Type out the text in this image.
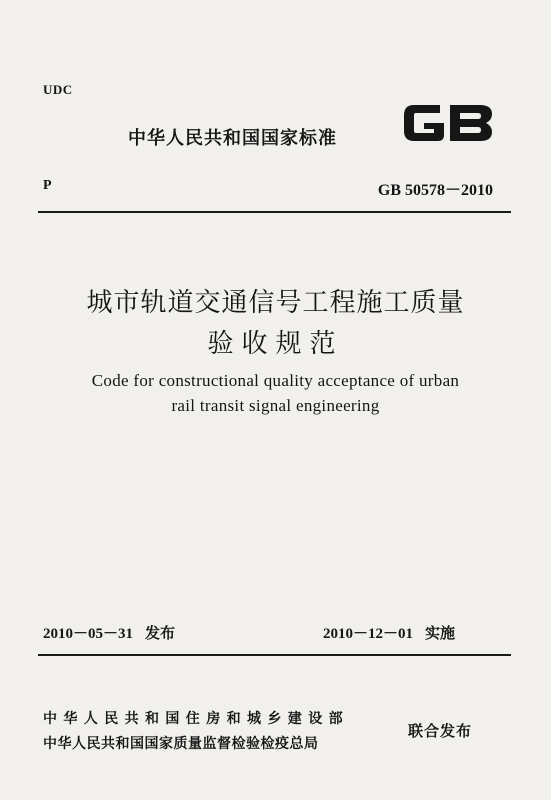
UDC
中华人民共和国国家标准
P	GB 50578－2010
城市轨道交通信号工程施工质量
验收规范
Code for constructional quality acceptance of urban
rail transit signal engineering
2010－05－31 发布	2010－12－01 实施
中华人民共和国住房和城乡建设部
中华人民共和国国家质量监督检验检疫总局
联合发布
